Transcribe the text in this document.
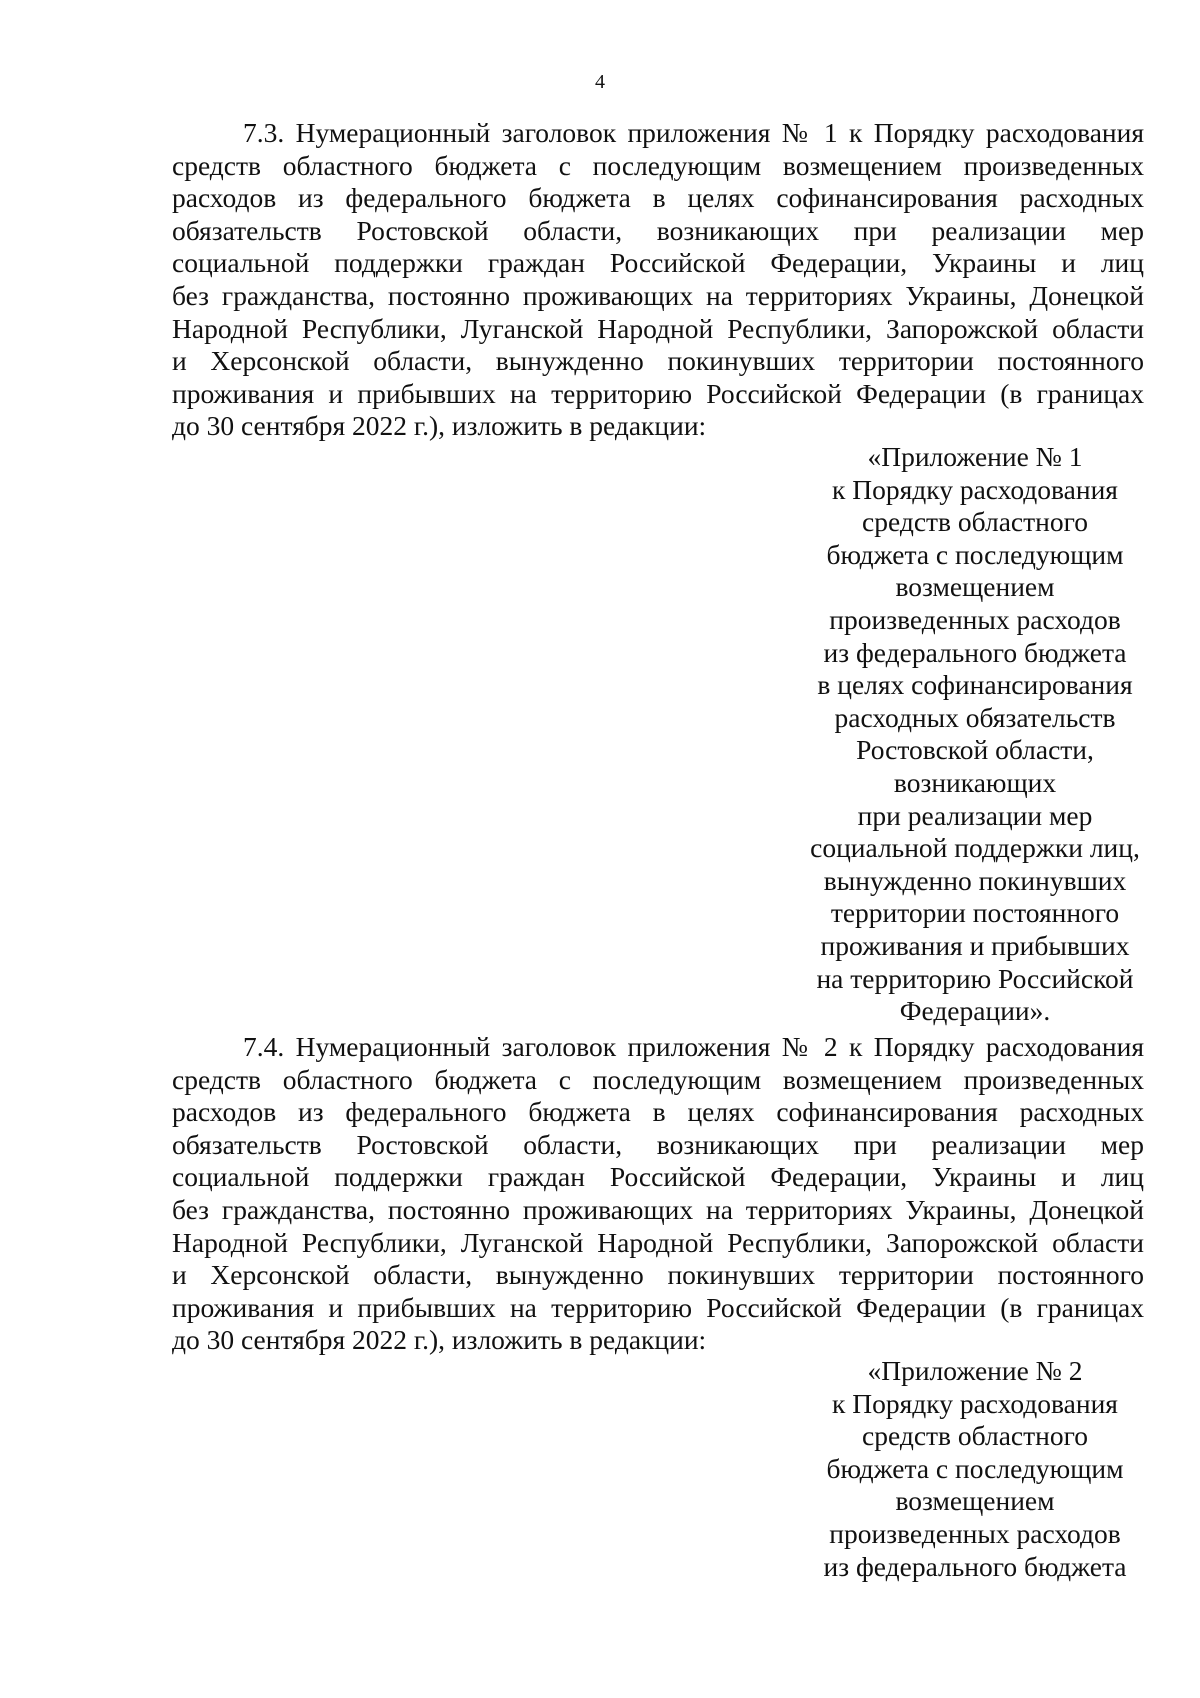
4
7.3. Нумерационный заголовок приложения № 1 к Порядку расходования
средств областного бюджета с последующим возмещением произведенных
расходов из федерального бюджета в целях софинансирования расходных
обязательств Ростовской области, возникающих при реализации мер
социальной поддержки граждан Российской Федерации, Украины и лиц
без гражданства, постоянно проживающих на территориях Украины, Донецкой
Народной Республики, Луганской Народной Республики, Запорожской области
и Херсонской области, вынужденно покинувших территории постоянного
проживания и прибывших на территорию Российской Федерации (в границах
до 30 сентября 2022 г.), изложить в редакции:
«Приложение № 1
к Порядку расходования
средств областного
бюджета с последующим
возмещением
произведенных расходов
из федерального бюджета
в целях софинансирования
расходных обязательств
Ростовской области,
возникающих
при реализации мер
социальной поддержки лиц,
вынужденно покинувших
территории постоянного
проживания и прибывших
на территорию Российской
Федерации».
7.4. Нумерационный заголовок приложения № 2 к Порядку расходования
средств областного бюджета с последующим возмещением произведенных
расходов из федерального бюджета в целях софинансирования расходных
обязательств Ростовской области, возникающих при реализации мер
социальной поддержки граждан Российской Федерации, Украины и лиц
без гражданства, постоянно проживающих на территориях Украины, Донецкой
Народной Республики, Луганской Народной Республики, Запорожской области
и Херсонской области, вынужденно покинувших территории постоянного
проживания и прибывших на территорию Российской Федерации (в границах
до 30 сентября 2022 г.), изложить в редакции:
«Приложение № 2
к Порядку расходования
средств областного
бюджета с последующим
возмещением
произведенных расходов
из федерального бюджета
